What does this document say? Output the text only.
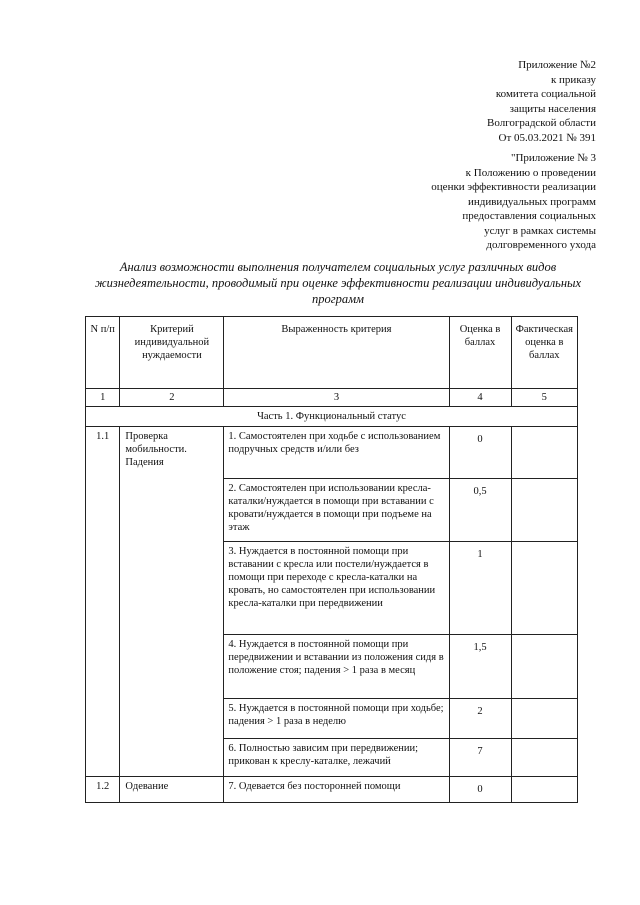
Приложение №2
к приказу
комитета социальной
защиты населения
Волгоградской области
От 05.03.2021 № 391
"Приложение № 3
к Положению о проведении
оценки эффективности реализации
индивидуальных программ
предоставления социальных
услуг в рамках системы
долговременного ухода
Анализ возможности выполнения получателем социальных услуг различных видов жизнедеятельности, проводимый при оценке эффективности реализации индивидуальных программ
N п/п	Критерий индивидуальной нуждаемости	Выраженность критерия	Оценка в баллах	Фактическая оценка в баллах
1	2	3	4	5
Часть 1. Функциональный статус				
1.1	Проверка мобильности. Падения	1. Самостоятелен при ходьбе с использованием подручных средств и/или без	0	
		2. Самостоятелен при использовании кресла-каталки/нуждается в помощи при вставании с кровати/нуждается в помощи при подъеме на этаж	0,5	
		3. Нуждается в постоянной помощи при вставании с кресла или постели/нуждается в помощи при переходе с кресла-каталки на кровать, но самостоятелен при использовании кресла-каталки при передвижении	1	
		4. Нуждается в постоянной помощи при передвижении и вставании из положения сидя в положение стоя; падения > 1 раза в месяц	1,5	
		5. Нуждается в постоянной помощи при ходьбе; падения > 1 раза в неделю	2	
		6. Полностью зависим при передвижении; прикован к креслу-каталке, лежачий	7	
1.2	Одевание	7. Одевается без посторонней помощи	0	
